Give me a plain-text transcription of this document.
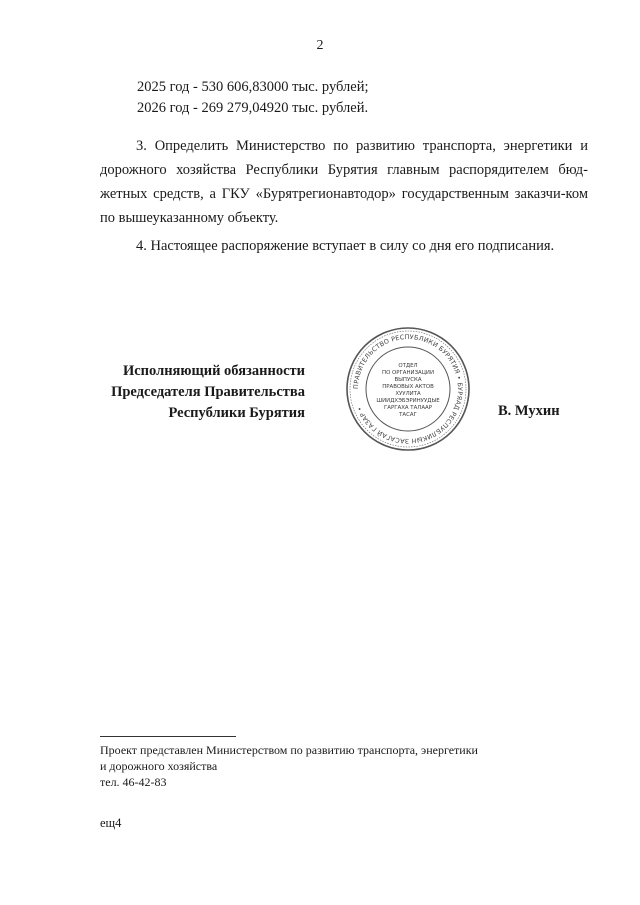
2
2025 год - 530 606,83000 тыс. рублей;
2026 год - 269 279,04920 тыс. рублей.

3. Определить Министерство по развитию транспорта, энергетики и дорожного хозяйства Республики Бурятия главным распорядителем бюд-жетных средств, а ГКУ «Бурятрегионавтодор» государственным заказчи-ком по вышеуказанному объекту.

4. Настоящее распоряжение вступает в силу со дня его подписания.

Исполняющий обязанности
Председателя Правительства
Республики Бурятия
ПРАВИТЕЛЬСТВО РЕСПУБЛИКИ БУРЯТИЯ • БУРЯАД РЕСПУБЛИКЫН ЗАСАГАЙ ГАЗАР •
ОТДЕЛ
ПО ОРГАНИЗАЦИИ
ВЫПУСКА
ПРАВОВЫХ АКТОВ
ХУУЛИТА
ШИИДХЭБЭРИНУУДЫЕ
ГАРГАХА ТАЛААР
ТАСАГ	В. Мухин
Проект представлен Министерством по развитию транспорта, энергетики
и дорожного хозяйства
тел. 46-42-83
ещ4
